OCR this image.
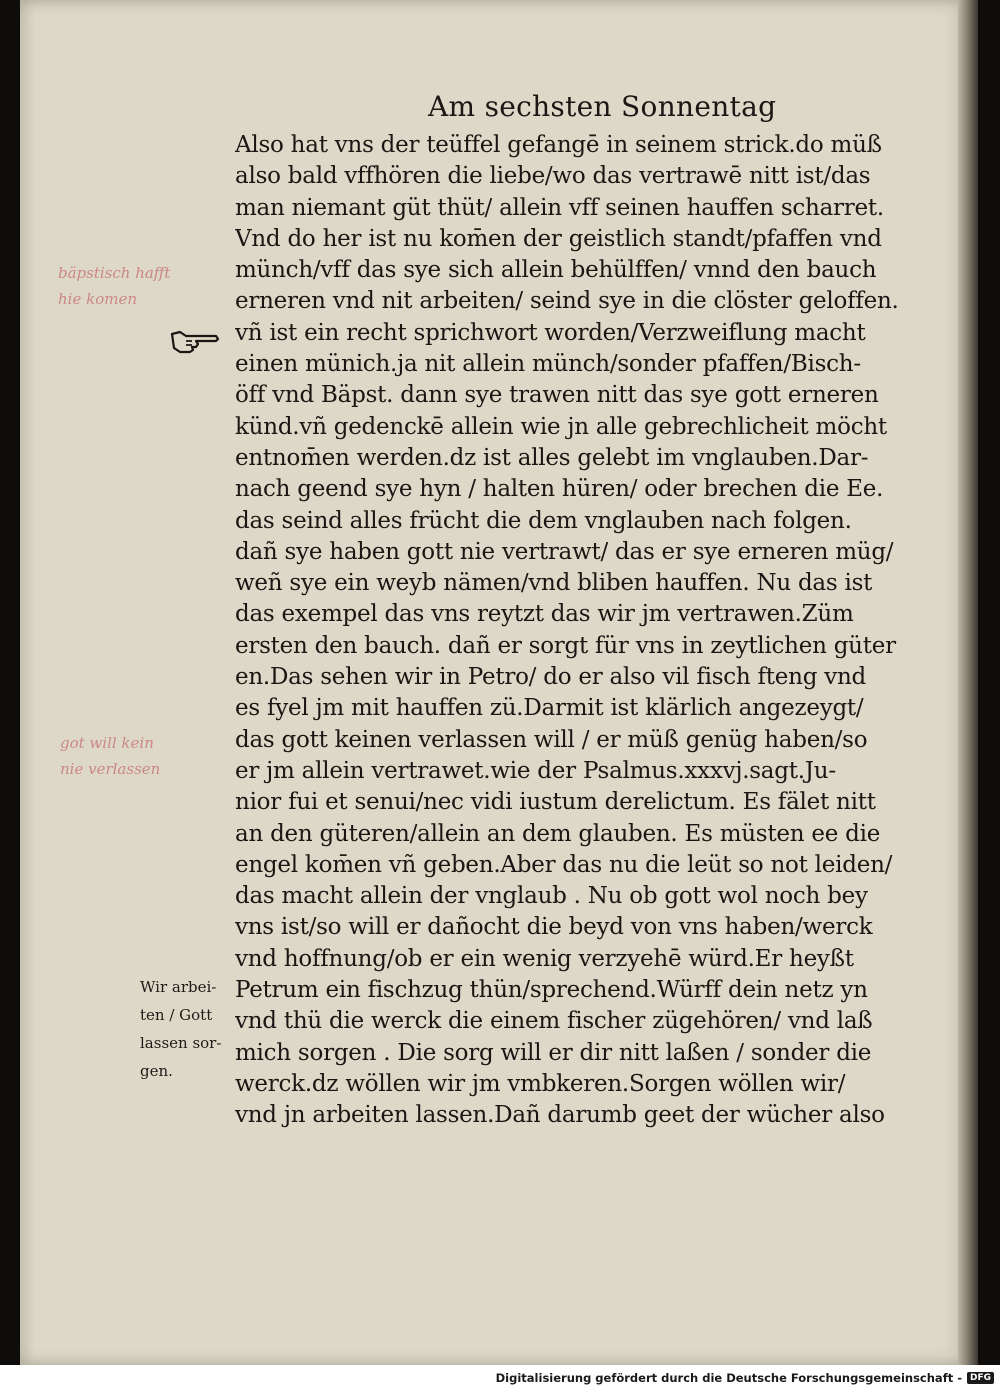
Am sechsten Sonnentag
bäpstisch hafft
hie komen
Also hat vns der teüffel gefangē in seinem strick.do müß
also bald vffhören die liebe/wo das vertrawē nitt ist/das
man niemant güt thüt/ allein vff seinen hauffen scharret.
Vnd do her ist nu kom̄en der geistlich standt/pfaffen vnd
münch/vff das sye sich allein behülffen/ vnnd den bauch
erneren vnd nit arbeiten/ seind sye in die clöster geloffen.
vñ ist ein recht sprichwort worden/Verzweiflung macht
einen münich.ja nit allein münch/sonder pfaffen/Bisch-
öff vnd Bäpst. dann sye trawen nitt das sye gott erneren
künd.vñ gedenckē allein wie jn alle gebrechlicheit möcht
entnom̄en werden.dz ist alles gelebt im vnglauben.Dar-
nach geend sye hyn / halten hüren/ oder brechen die Ee.
das seind alles frücht die dem vnglauben nach folgen.
dañ sye haben gott nie vertrawt/ das er sye erneren müg/
weñ sye ein weyb nämen/vnd bliben hauffen. Nu das ist
das exempel das vns reytzt das wir jm vertrawen.Züm
ersten den bauch. dañ er sorgt für vns in zeytlichen güter
en.Das sehen wir in Petro/ do er also vil fisch fteng vnd
es fyel jm mit hauffen zü.Darmit ist klärlich angezeygt/
das gott keinen verlassen will / er müß genüg haben/so
er jm allein vertrawet.wie der Psalmus.xxxvj.sagt.Ju-
nior fui et senui/nec vidi iustum derelictum. Es fälet nitt
an den güteren/allein an dem glauben. Es müsten ee die
engel kom̄en vñ geben.Aber das nu die leüt so not leiden/
das macht allein der vnglaub . Nu ob gott wol noch bey
vns ist/so will er dañocht die beyd von vns haben/werck
vnd hoffnung/ob er ein wenig verzyehē würd.Er heyßt
Petrum ein fischzug thün/sprechend.Würff dein netz yn
vnd thü die werck die einem fischer zügehören/ vnd laß
mich sorgen . Die sorg will er dir nitt laßen / sonder die
werck.dz wöllen wir jm vmbkeren.Sorgen wöllen wir/
vnd jn arbeiten lassen.Dañ darumb geet der wücher also
got will kein
nie verlassen
Wir arbei-
ten / Gott
lassen sor-
gen.
Digitalisierung gefördert durch die Deutsche Forschungsgemeinschaft - DFG
